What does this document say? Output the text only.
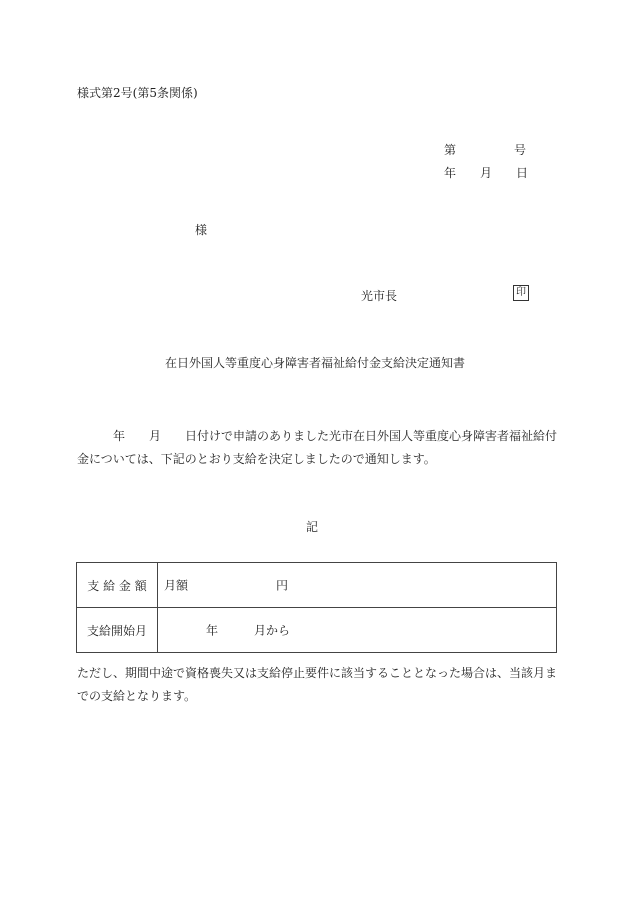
様式第2号(第5条関係)
第	号
年 月 日
様
光市長	印
在日外国人等重度心身障害者福祉給付金支給決定通知書
年 月 日付けで申請のありました光市在日外国人等重度心身障害者福祉給付
金については、下記のとおり支給を決定しましたので通知します。
記
支 給 金 額	月額 円

支給開始月	年 月から
ただし、期間中途で資格喪失又は支給停止要件に該当することとなった場合は、当該月までの支給となります。
